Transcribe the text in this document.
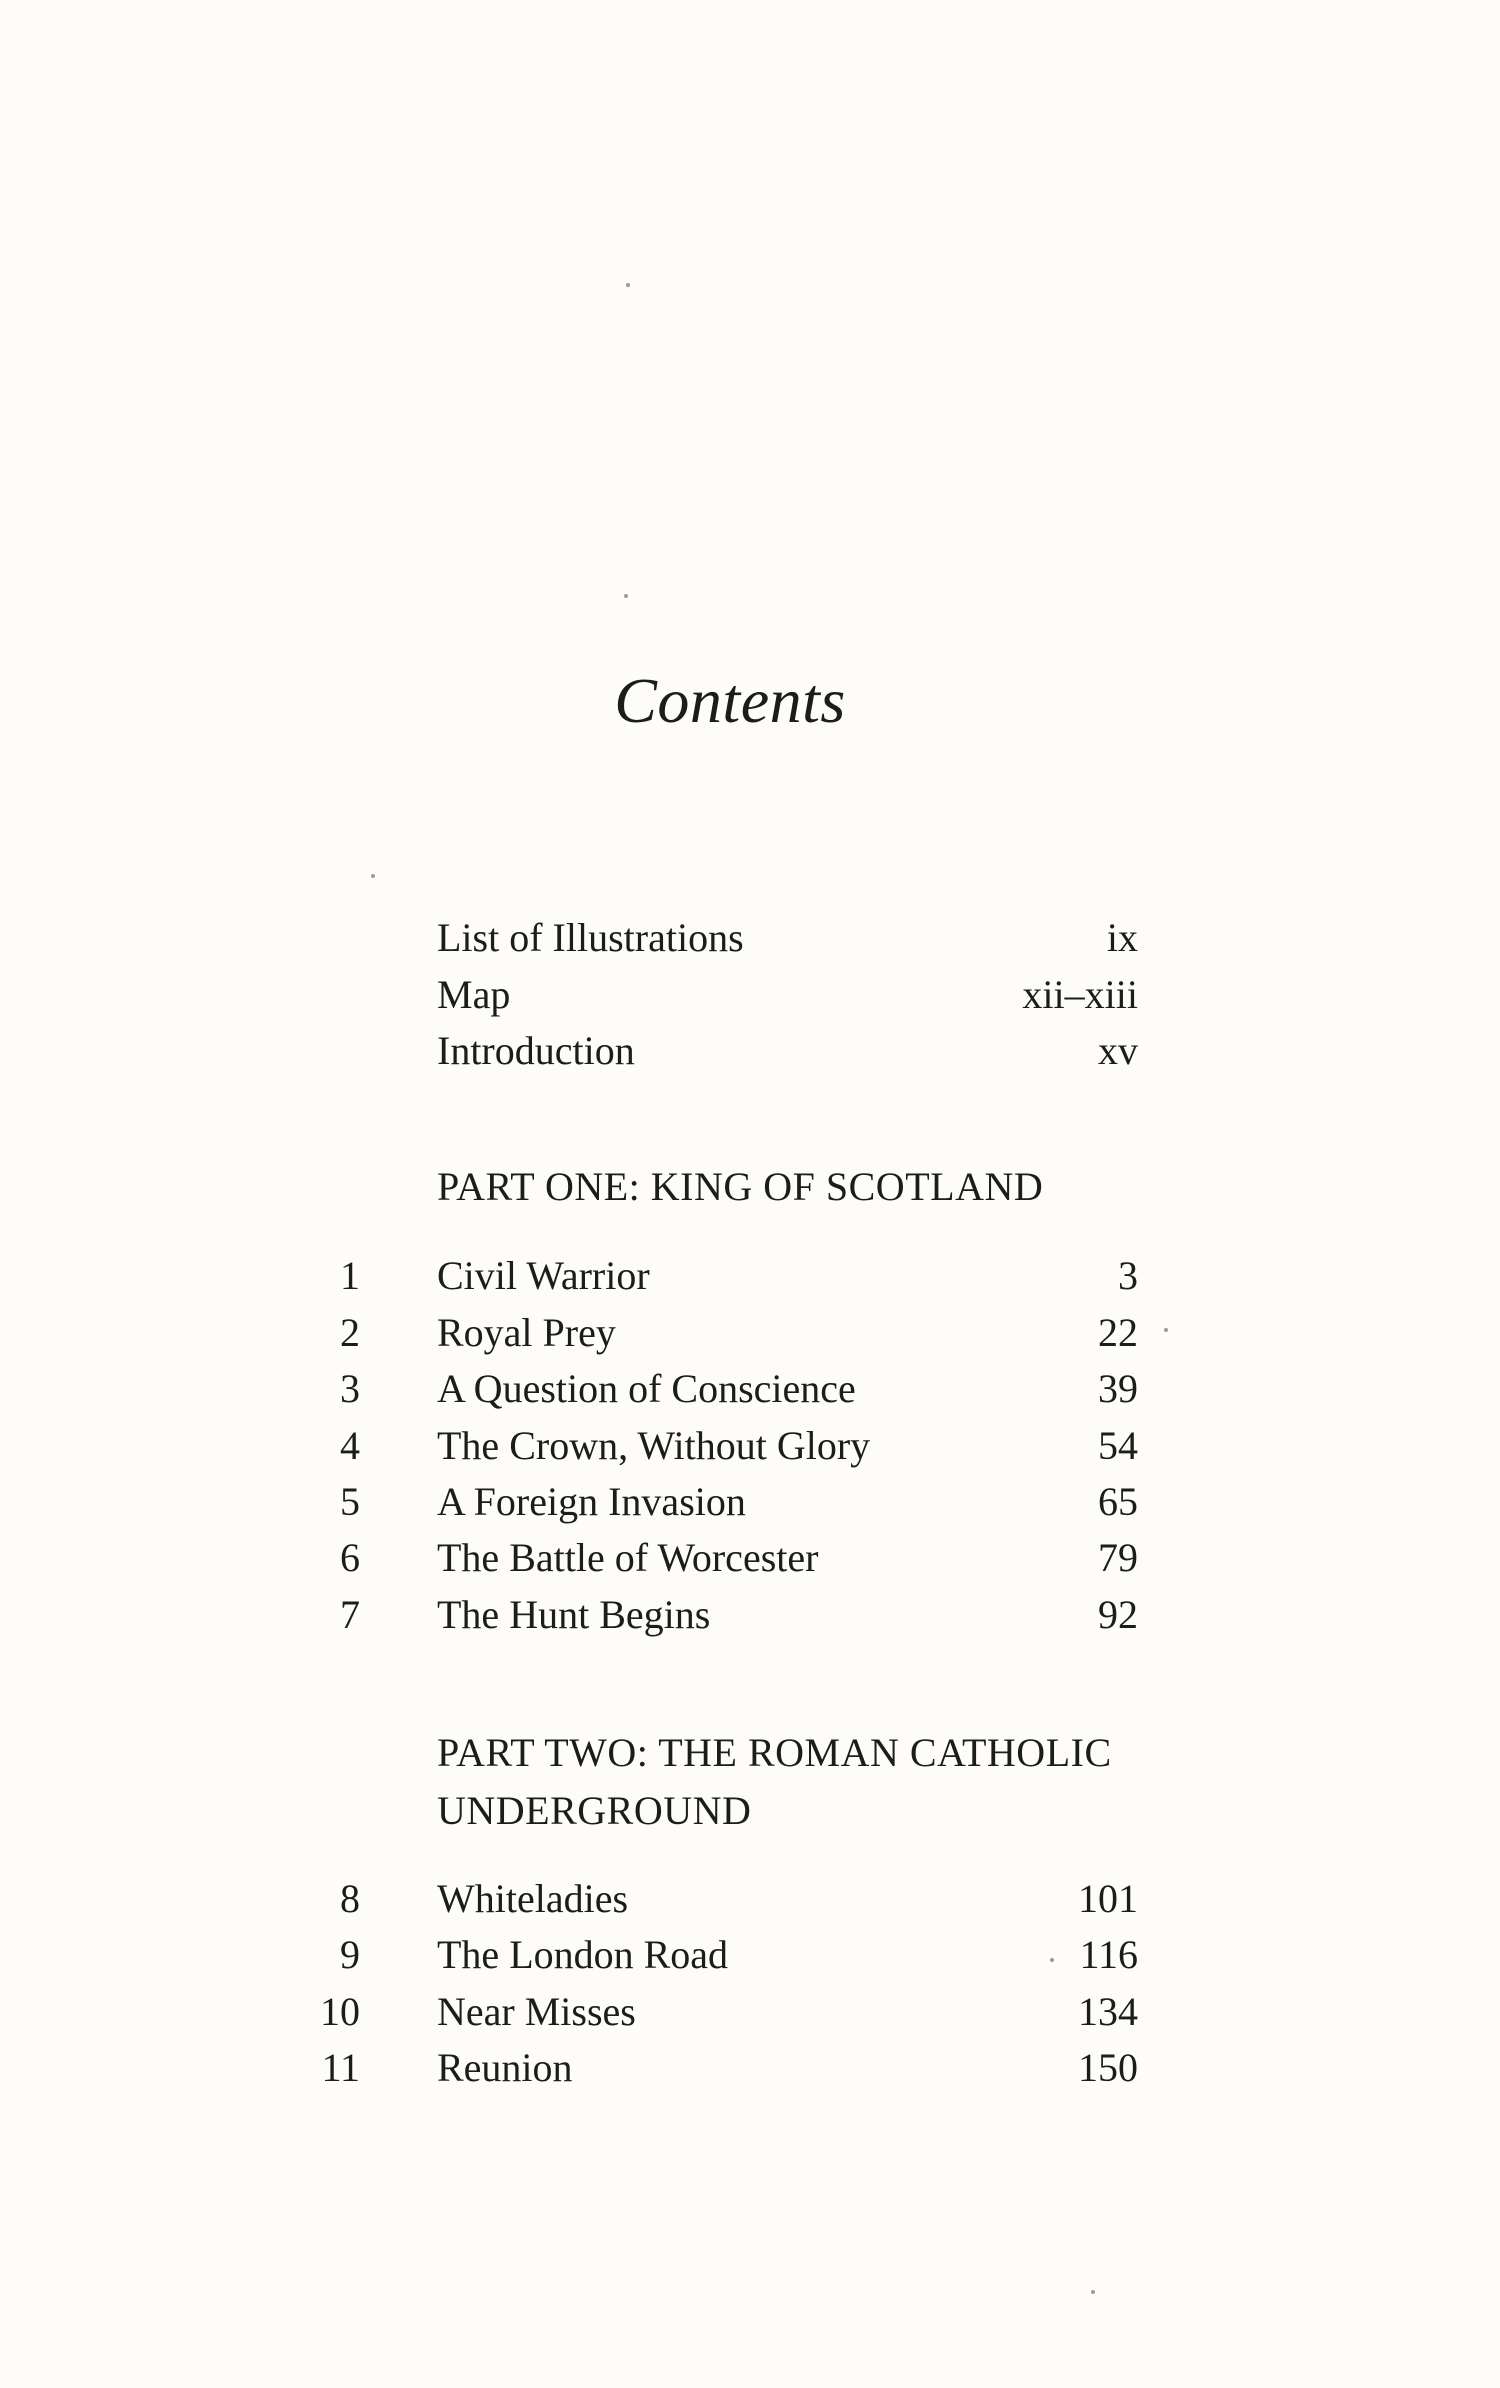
Contents
List of Illustrations	ix
Map	xii–xiii
Introduction	xv
PART ONE: KING OF SCOTLAND
1 Civil Warrior	3
2 Royal Prey	22
3 A Question of Conscience	39
4 The Crown, Without Glory	54
5 A Foreign Invasion	65
6 The Battle of Worcester	79
7 The Hunt Begins	92
PART TWO: THE ROMAN CATHOLIC
UNDERGROUND
8 Whiteladies	101
9 The London Road	116
10 Near Misses	134
11 Reunion	150
